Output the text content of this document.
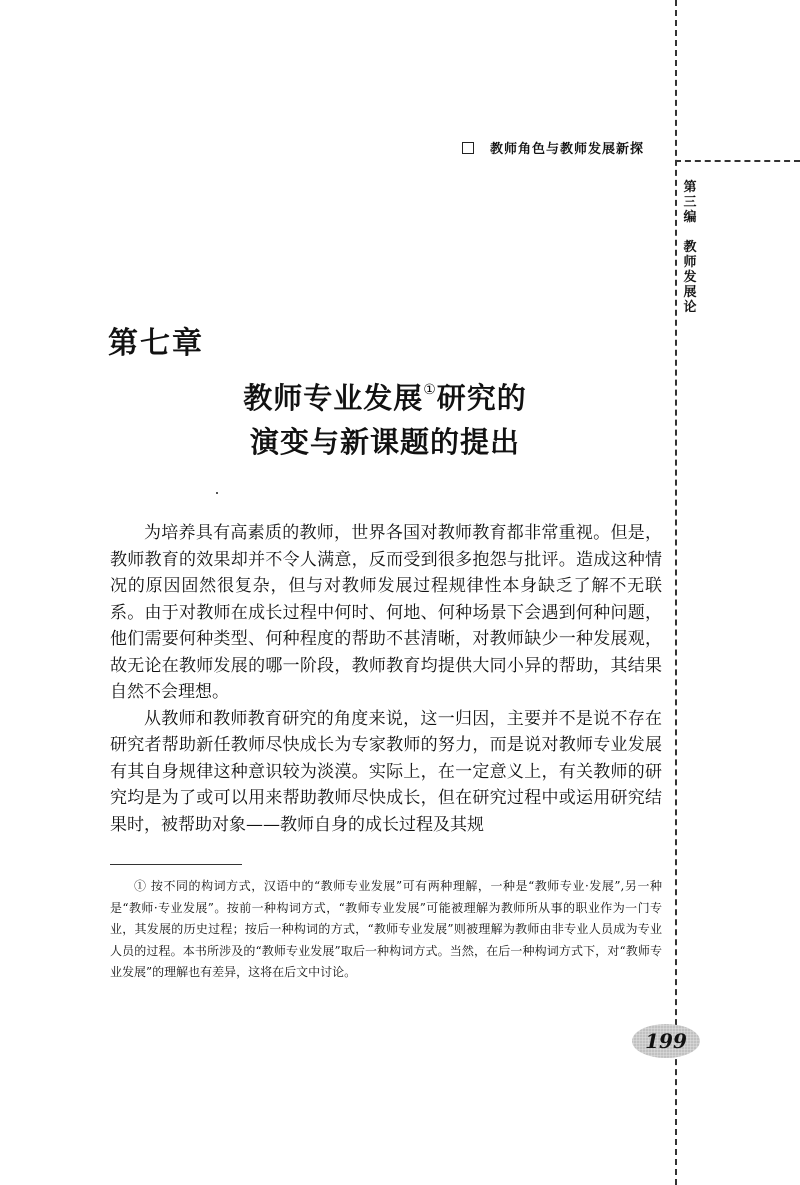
教师角色与教师发展新探
第三编
教师发展论
第七章
教师专业发展①研究的
演变与新课题的提出

为培养具有高素质的教师，世界各国对教师教育都非常重视。但是，教师教育的效果却并不令人满意，反而受到很多抱怨与批评。造成这种情况的原因固然很复杂，但与对教师发展过程规律性本身缺乏了解不无联系。由于对教师在成长过程中何时、何地、何种场景下会遇到何种问题，他们需要何种类型、何种程度的帮助不甚清晰，对教师缺少一种发展观，故无论在教师发展的哪一阶段，教师教育均提供大同小异的帮助，其结果自然不会理想。

从教师和教师教育研究的角度来说，这一归因，主要并不是说不存在研究者帮助新任教师尽快成长为专家教师的努力，而是说对教师专业发展有其自身规律这种意识较为淡漠。实际上，在一定意义上，有关教师的研究均是为了或可以用来帮助教师尽快成长，但在研究过程中或运用研究结果时，被帮助对象——教师自身的成长过程及其规

① 按不同的构词方式，汉语中的“教师专业发展”可有两种理解，一种是“教师专业·发展”,另一种是“教师·专业发展”。按前一种构词方式，“教师专业发展”可能被理解为教师所从事的职业作为一门专业，其发展的历史过程；按后一种构词的方式，“教师专业发展”则被理解为教师由非专业人员成为专业人员的过程。本书所涉及的“教师专业发展”取后一种构词方式。当然，在后一种构词方式下，对“教师专业发展”的理解也有差异，这将在后文中讨论。

199
